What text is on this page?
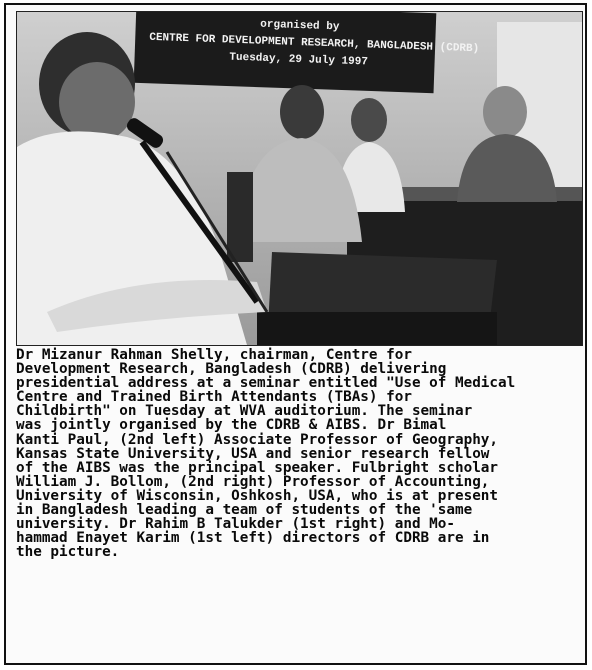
organised by
CENTRE FOR DEVELOPMENT RESEARCH, BANGLADESH (CDRB)
Tuesday, 29 July 1997
Dr Mizanur Rahman Shelly, chairman, Centre for
Development Research, Bangladesh (CDRB) delivering
presidential address at a seminar entitled "Use of Medical
Centre and Trained Birth Attendants (TBAs) for
Childbirth" on Tuesday at WVA auditorium. The seminar
was jointly organised by the CDRB & AIBS. Dr Bimal
Kanti Paul, (2nd left) Associate Professor of Geography,
Kansas State University, USA and senior research fellow
of the AIBS was the principal speaker. Fulbright scholar
William J. Bollom, (2nd right) Professor of Accounting,
University of Wisconsin, Oshkosh, USA, who is at present
in Bangladesh leading a team of students of the 'same
university. Dr Rahim B Talukder (1st right) and Mo-
hammad Enayet Karim (1st left) directors of CDRB are in
the picture.
